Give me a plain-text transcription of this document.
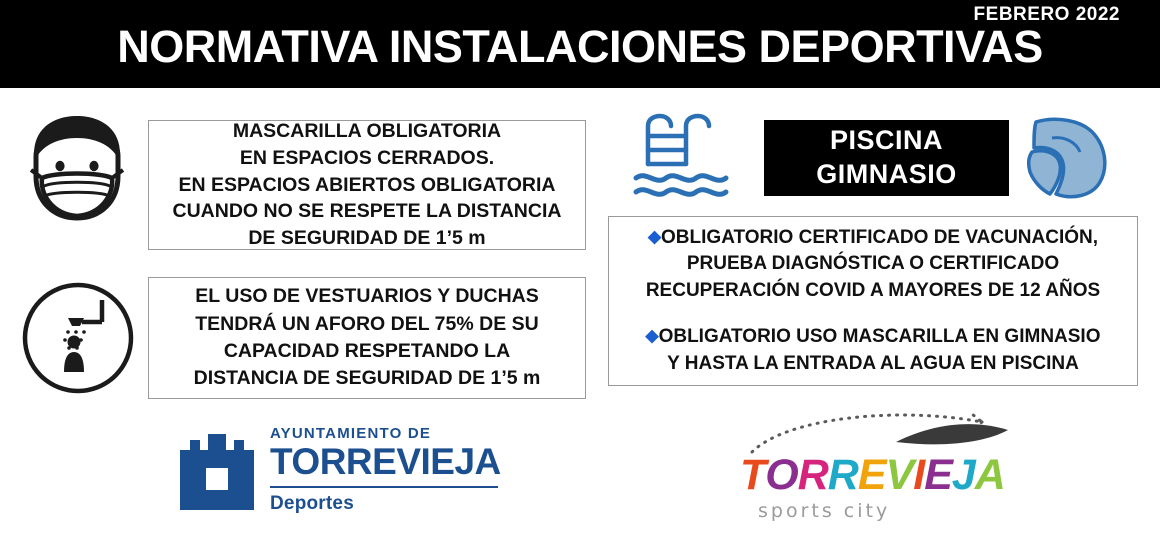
FEBRERO 2022
NORMATIVA INSTALACIONES DEPORTIVAS
MASCARILLA OBLIGATORIA
EN ESPACIOS CERRADOS.
EN ESPACIOS ABIERTOS OBLIGATORIA
CUANDO NO SE RESPETE LA DISTANCIA
DE SEGURIDAD DE 1’5 m
EL USO DE VESTUARIOS Y DUCHAS
TENDRÁ UN AFORO DEL 75% DE SU
CAPACIDAD RESPETANDO LA
DISTANCIA DE SEGURIDAD DE 1’5 m
PISCINA
GIMNASIO
◆OBLIGATORIO CERTIFICADO DE VACUNACIÓN,
PRUEBA DIAGNÓSTICA O CERTIFICADO
RECUPERACIÓN COVID A MAYORES DE 12 AÑOS
◆OBLIGATORIO USO MASCARILLA EN GIMNASIO
Y HASTA LA ENTRADA AL AGUA EN PISCINA
AYUNTAMIENTO DE
TORREVIEJA
Deportes
TORREVIEJA
sports city
